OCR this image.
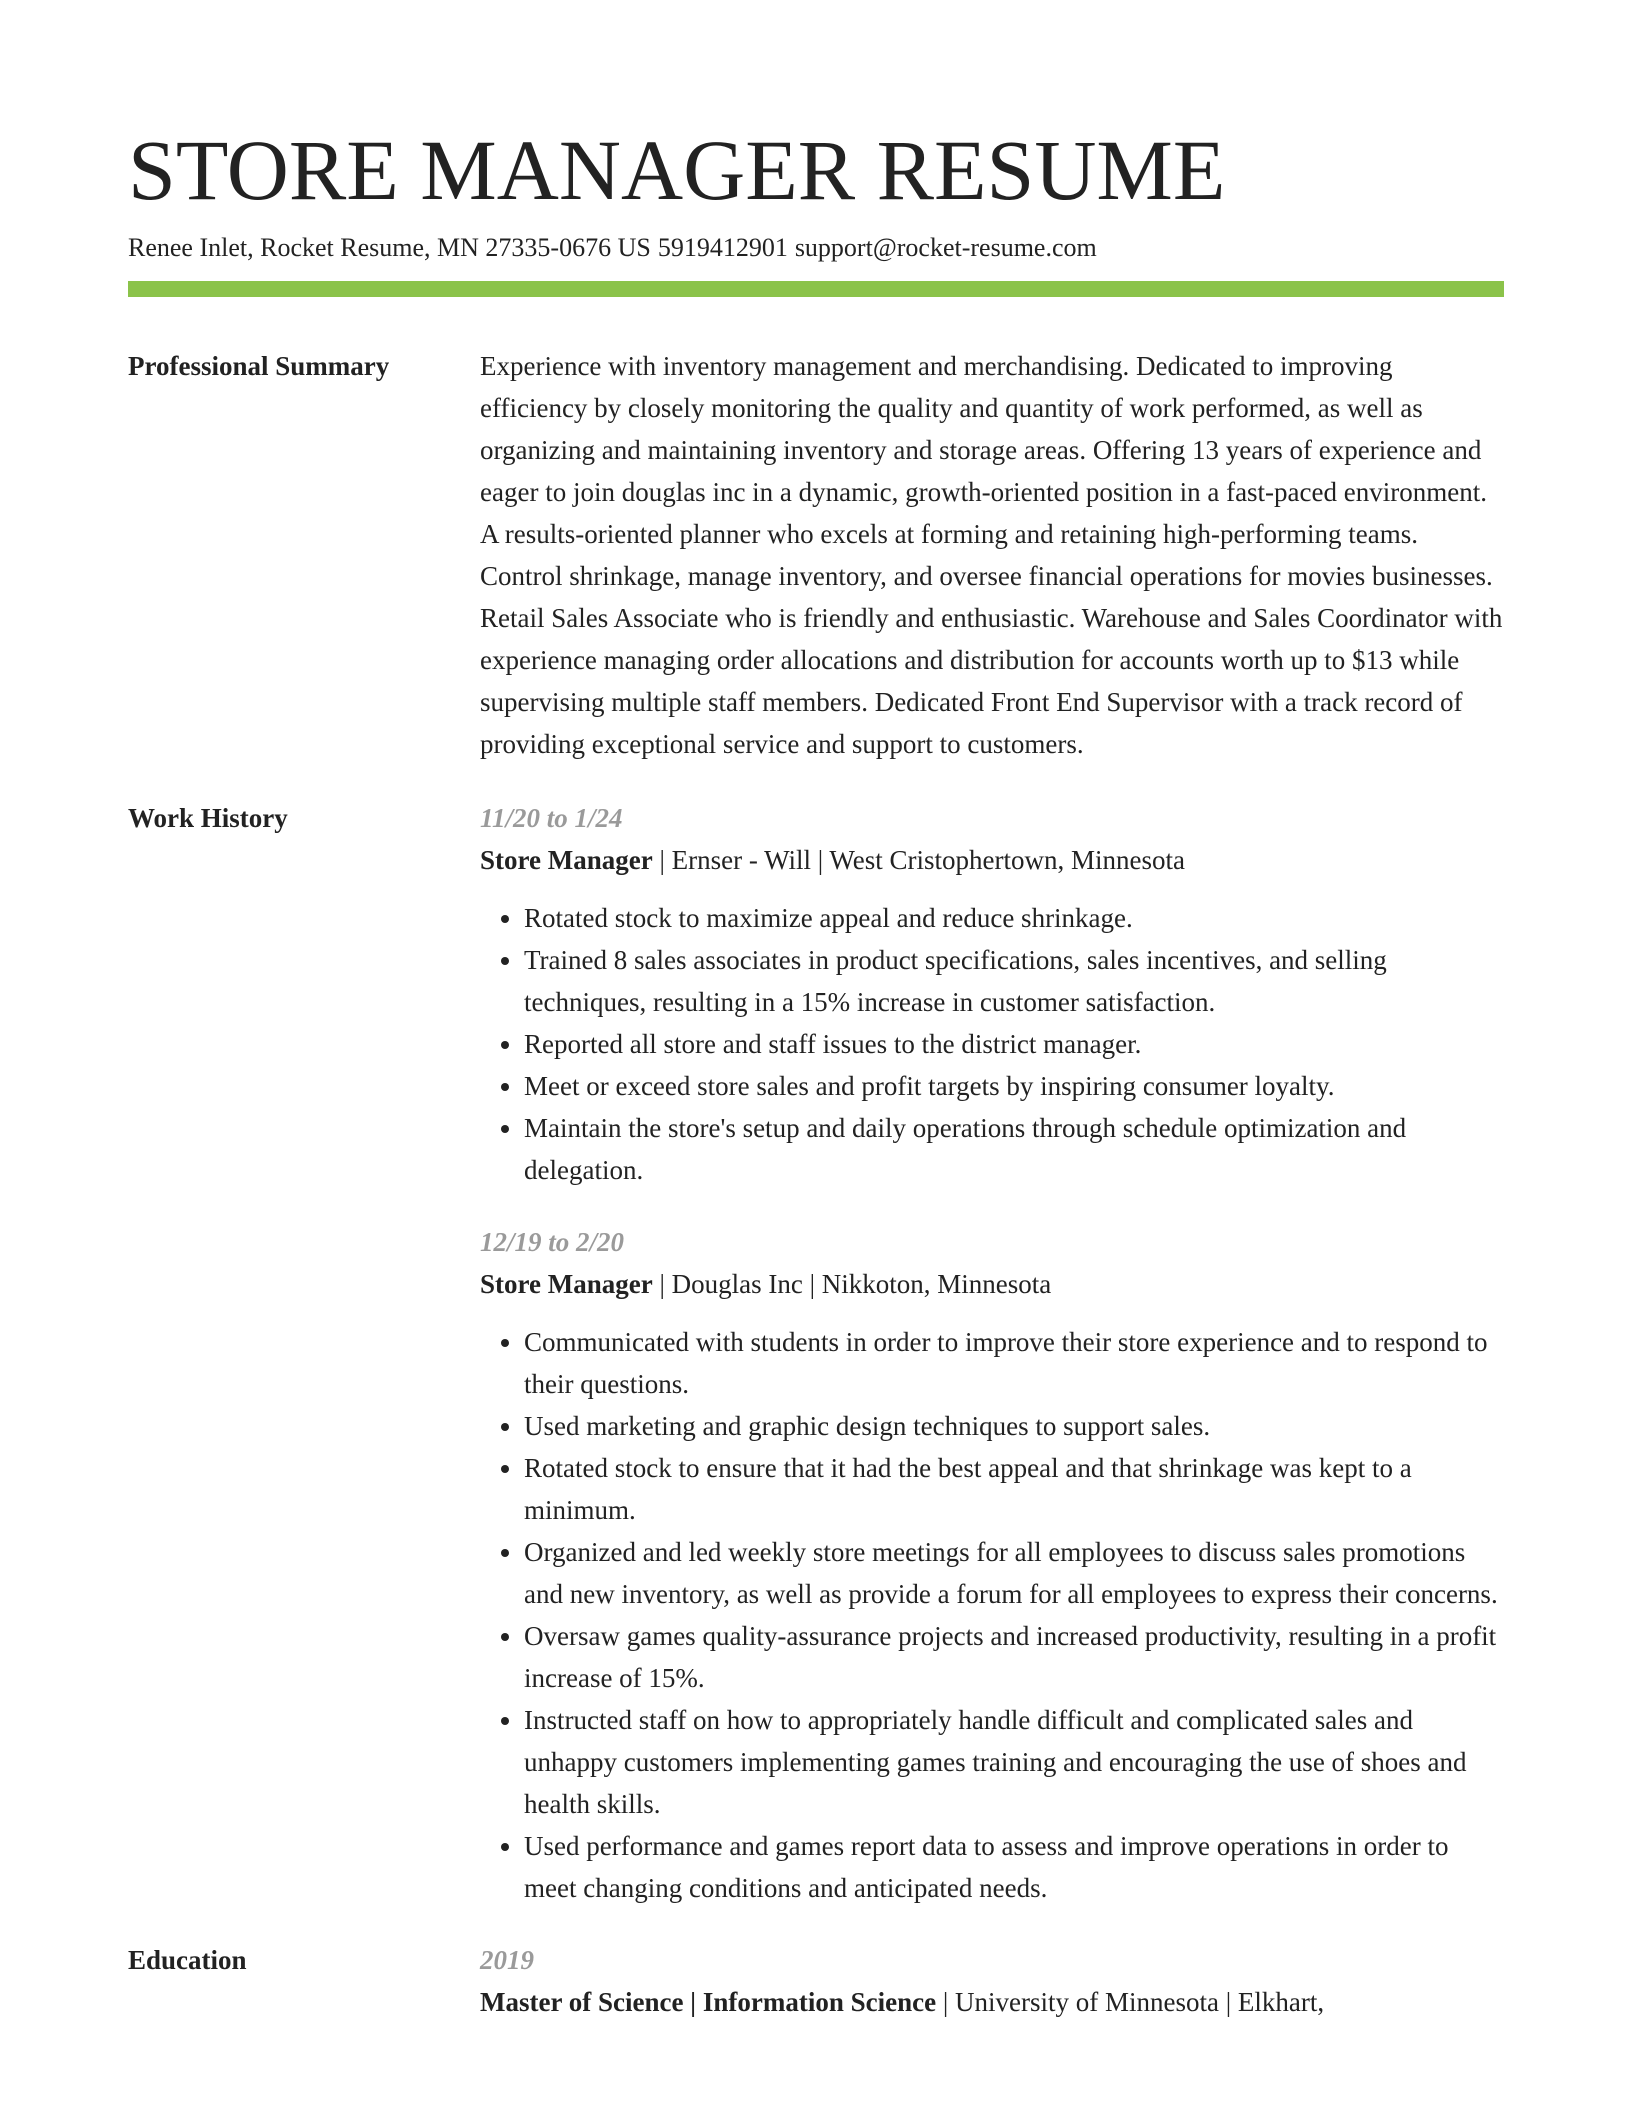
STORE MANAGER RESUME
Renee Inlet, Rocket Resume, MN 27335-0676 US 5919412901 support@rocket-resume.com
Professional Summary	Experience with inventory management and merchandising. Dedicated to improving efficiency by closely monitoring the quality and quantity of work performed, as well as organizing and maintaining inventory and storage areas. Offering 13 years of experience and eager to join douglas inc in a dynamic, growth-oriented position in a fast-paced environment. A results-oriented planner who excels at forming and retaining high-performing teams. Control shrinkage, manage inventory, and oversee financial operations for movies businesses. Retail Sales Associate who is friendly and enthusiastic. Warehouse and Sales Coordinator with experience managing order allocations and distribution for accounts worth up to $13 while supervising multiple staff members. Dedicated Front End Supervisor with a track record of providing exceptional service and support to customers.

Work History	11/20 to 1/24
Store Manager | Ernser - Will | West Cristophertown, Minnesota
• Rotated stock to maximize appeal and reduce shrinkage.
• Trained 8 sales associates in product specifications, sales incentives, and selling techniques, resulting in a 15% increase in customer satisfaction.
• Reported all store and staff issues to the district manager.
• Meet or exceed store sales and profit targets by inspiring consumer loyalty.
• Maintain the store's setup and daily operations through schedule optimization and delegation.
12/19 to 2/20
Store Manager | Douglas Inc | Nikkoton, Minnesota
• Communicated with students in order to improve their store experience and to respond to their questions.
• Used marketing and graphic design techniques to support sales.
• Rotated stock to ensure that it had the best appeal and that shrinkage was kept to a minimum.
• Organized and led weekly store meetings for all employees to discuss sales promotions and new inventory, as well as provide a forum for all employees to express their concerns.
• Oversaw games quality-assurance projects and increased productivity, resulting in a profit increase of 15%.
• Instructed staff on how to appropriately handle difficult and complicated sales and unhappy customers implementing games training and encouraging the use of shoes and health skills.
• Used performance and games report data to assess and improve operations in order to meet changing conditions and anticipated needs.
Education	2019
Master of Science | Information Science | University of Minnesota | Elkhart,
